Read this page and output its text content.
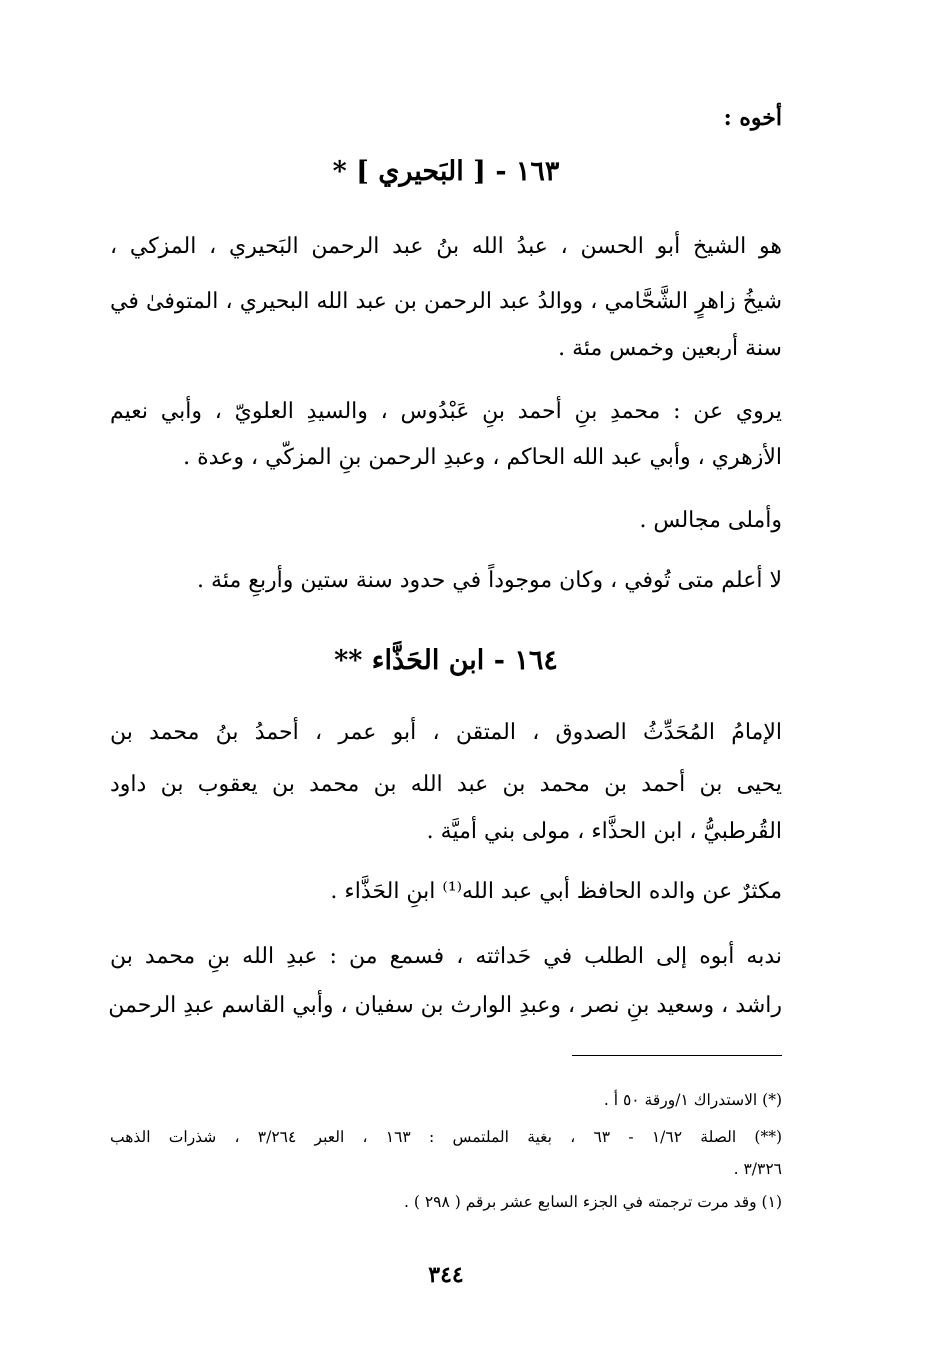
أخوه :
١٦٣ - [ البَحيري ] *
هو الشيخ أبو الحسن ، عبدُ الله بنُ عبد الرحمن البَحيري ، المزكي ،
شيخُ زاهرٍ الشَّحَّامي ، ووالدُ عبد الرحمن بن عبد الله البحيري ، المتوفىٰ في
سنة أربعين وخمس مئة .
يروي عن : محمدِ بنِ أحمد بنِ عَبْدُوس ، والسيدِ العلويّ ، وأبي نعيم
الأزهري ، وأبي عبد الله الحاكم ، وعبدِ الرحمن بنِ المزكّي ، وعدة .
وأملى مجالس .
لا أعلم متى تُوفي ، وكان موجوداً في حدود سنة ستين وأربعِ مئة .
١٦٤ - ابن الحَذَّاء **
الإمامُ المُحَدِّثُ الصدوق ، المتقن ، أبو عمر ، أحمدُ بنُ محمد بن
يحيى بن أحمد بن محمد بن عبد الله بن محمد بن يعقوب بن داود
القُرطبيُّ ، ابن الحذَّاء ، مولى بني أميَّة .
مكثرٌ عن والده الحافظ أبي عبد الله⁽¹⁾ ابنِ الحَذَّاء .
ندبه أبوه إلى الطلب في حَداثته ، فسمع من : عبدِ الله بنِ محمد بن
راشد ، وسعيد بنِ نصر ، وعبدِ الوارث بن سفيان ، وأبي القاسم عبدِ الرحمن
(*) الاستدراك ١/ورقة ٥٠ أ .
(**) الصلة ١/٦٢ - ٦٣ ، بغية الملتمس : ١٦٣ ، العبر ٣/٢٦٤ ، شذرات الذهب
٣/٣٢٦ .
(١) وقد مرت ترجمته في الجزء السابع عشر برقم ( ٢٩٨ ) .
٣٤٤
